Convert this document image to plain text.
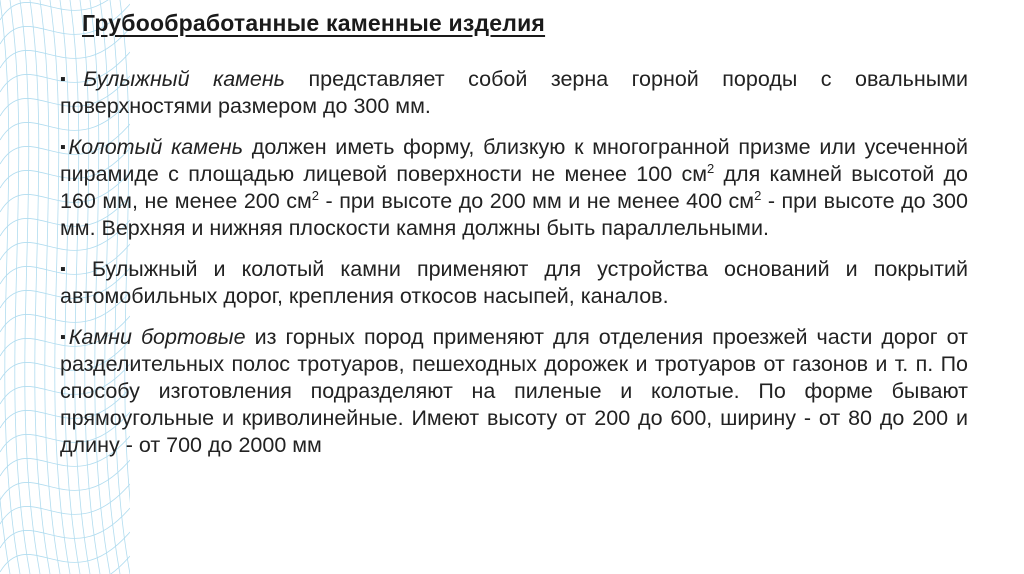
Грубообработанные каменные изделия

▪Булыжный камень представляет собой зерна горной породы с овальными поверхностями размером до 300 мм.

▪Колотый камень должен иметь форму, близкую к многогранной призме или усеченной пирамиде с площадью лицевой поверхности не менее 100 $см^2$ для камней высотой до 160 мм, не менее 200 $см^2$ - при высоте до 200 мм и не менее 400 $см^2$ - при высоте до 300 мм. Верхняя и нижняя плоскости камня должны быть параллельными.

▪ Булыжный и колотый камни применяют для устройства оснований и покрытий автомобильных дорог, крепления откосов насыпей, каналов.

▪Камни бортовые из горных пород применяют для отделения проезжей части дорог от разделительных полос тротуаров, пешеходных дорожек и тротуаров от газонов и т. п. По способу изготовления подразделяют на пиленые и колотые. По форме бывают прямоугольные и криволинейные. Имеют высоту от 200 до 600, ширину - от 80 до 200 и длину - от 700 до 2000 мм
